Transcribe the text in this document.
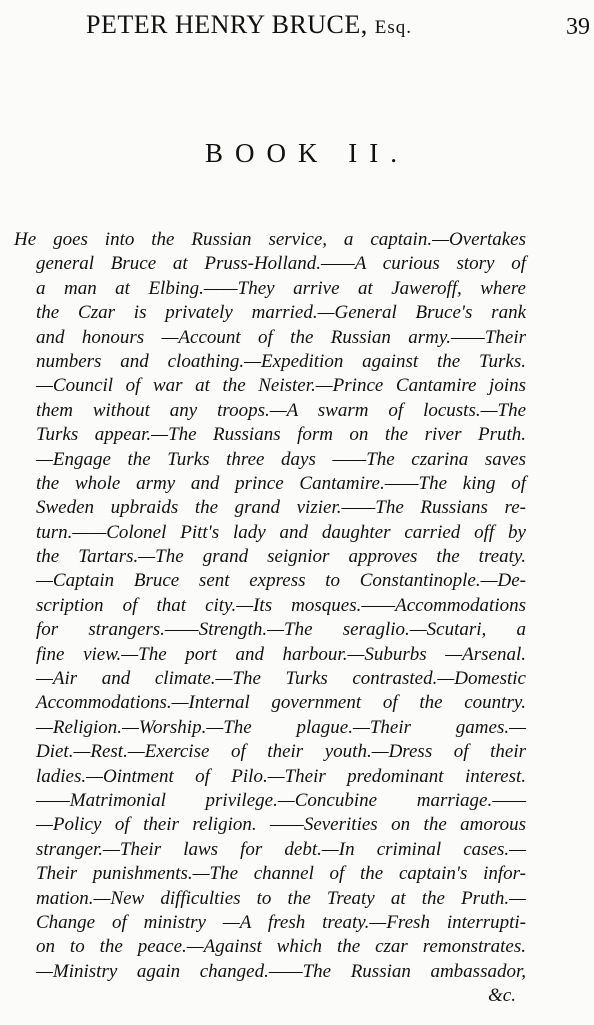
PETER HENRY BRUCE, Esq.	39
BOOK II.
He goes into the Russian service, a captain.—Overtakes
general Bruce at Pruss-Holland.——A curious story of
a man at Elbing.——They arrive at Jaweroff, where
the Czar is privately married.—General Bruce's rank
and honours —Account of the Russian army.——Their
numbers and cloathing.—Expedition against the Turks.
—Council of war at the Neister.—Prince Cantamire joins
them without any troops.—A swarm of locusts.—The
Turks appear.—The Russians form on the river Pruth.
—Engage the Turks three days ——The czarina saves
the whole army and prince Cantamire.——The king of
Sweden upbraids the grand vizier.——The Russians re-
turn.——Colonel Pitt's lady and daughter carried off by
the Tartars.—The grand seignior approves the treaty.
—Captain Bruce sent express to Constantinople.—De-
scription of that city.—Its mosques.——Accommodations
for strangers.——Strength.—The seraglio.—Scutari, a
fine view.—The port and harbour.—Suburbs —Arsenal.
—Air and climate.—The Turks contrasted.—Domestic
Accommodations.—Internal government of the country.
—Religion.—Worship.—The plague.—Their games.—
Diet.—Rest.—Exercise of their youth.—Dress of their
ladies.—Ointment of Pilo.—Their predominant interest.
——Matrimonial privilege.—Concubine marriage.——
—Policy of their religion. ——Severities on the amorous
stranger.—Their laws for debt.—In criminal cases.—
Their punishments.—The channel of the captain's infor-
mation.—New difficulties to the Treaty at the Pruth.—
Change of ministry —A fresh treaty.—Fresh interrupti-
on to the peace.—Against which the czar remonstrates.
—Ministry again changed.——The Russian ambassador,
&c.
